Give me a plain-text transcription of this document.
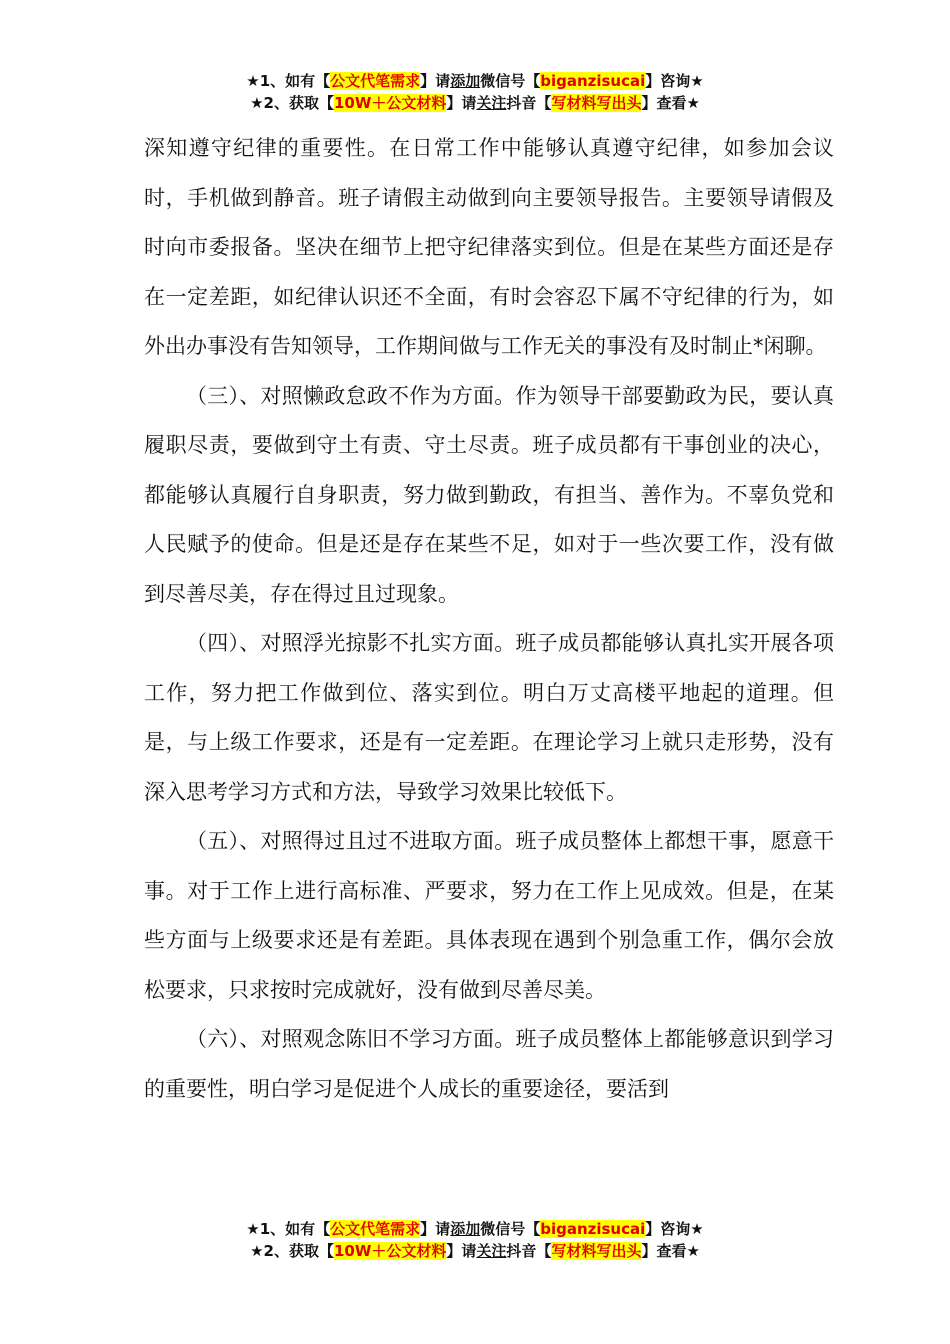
★1、如有【公文代笔需求】请添加微信号【biganzisucai】咨询★
★2、获取【10W＋公文材料】请关注抖音【写材料写出头】查看★

深知遵守纪律的重要性。在日常工作中能够认真遵守纪律，如参加会议时，手机做到静音。班子请假主动做到向主要领导报告。主要领导请假及时向市委报备。坚决在细节上把守纪律落实到位。但是在某些方面还是存在一定差距，如纪律认识还不全面，有时会容忍下属不守纪律的行为，如外出办事没有告知领导，工作期间做与工作无关的事没有及时制止*闲聊。

（三）、对照懒政怠政不作为方面。作为领导干部要勤政为民，要认真履职尽责，要做到守土有责、守土尽责。班子成员都有干事创业的决心，都能够认真履行自身职责，努力做到勤政，有担当、善作为。不辜负党和人民赋予的使命。但是还是存在某些不足，如对于一些次要工作，没有做到尽善尽美，存在得过且过现象。

（四）、对照浮光掠影不扎实方面。班子成员都能够认真扎实开展各项工作，努力把工作做到位、落实到位。明白万丈高楼平地起的道理。但是，与上级工作要求，还是有一定差距。在理论学习上就只走形势，没有深入思考学习方式和方法，导致学习效果比较低下。

（五）、对照得过且过不进取方面。班子成员整体上都想干事，愿意干事。对于工作上进行高标准、严要求，努力在工作上见成效。但是，在某些方面与上级要求还是有差距。具体表现在遇到个别急重工作，偶尔会放松要求，只求按时完成就好，没有做到尽善尽美。

（六）、对照观念陈旧不学习方面。班子成员整体上都能够意识到学习的重要性，明白学习是促进个人成长的重要途径，要活到

★1、如有【公文代笔需求】请添加微信号【biganzisucai】咨询★
★2、获取【10W＋公文材料】请关注抖音【写材料写出头】查看★
